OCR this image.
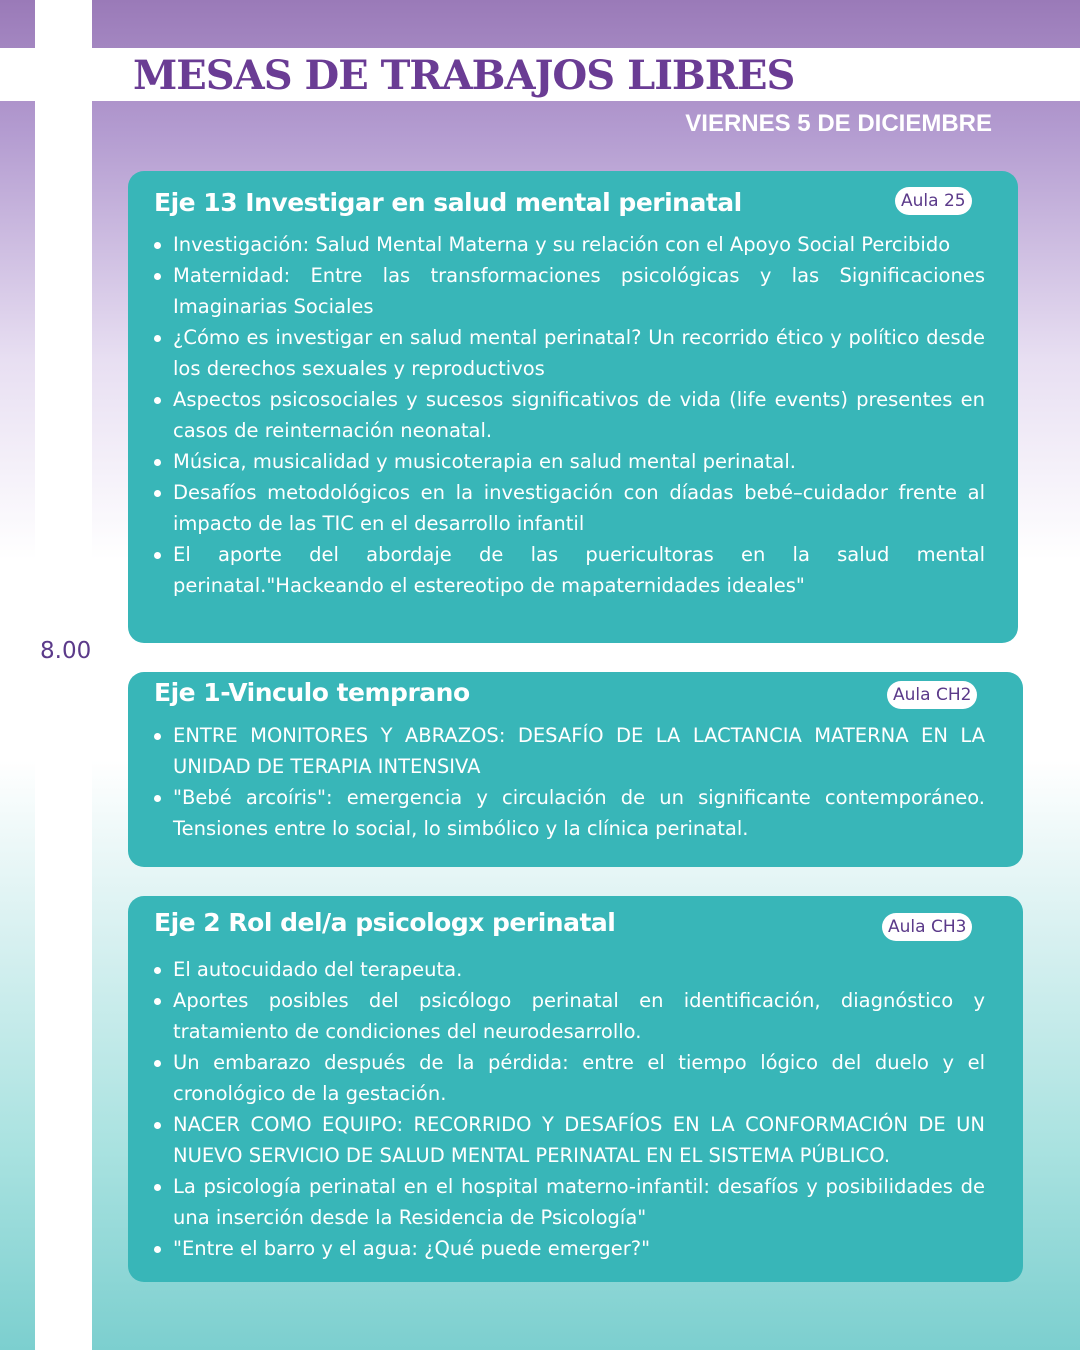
MESAS DE TRABAJOS LIBRES
VIERNES 5 DE DICIEMBRE
8.00
Eje 13 Investigar en salud mental perinatal	Aula 25
Investigación: Salud Mental Materna y su relación con el Apoyo Social Percibido
Maternidad: Entre las transformaciones psicológicas y las Significaciones Imaginarias Sociales
¿Cómo es investigar en salud mental perinatal? Un recorrido ético y político desde los derechos sexuales y reproductivos
Aspectos psicosociales y sucesos significativos de vida (life events) presentes en casos de reinternación neonatal.
Música, musicalidad y musicoterapia en salud mental perinatal.
Desafíos metodológicos en la investigación con díadas bebé–cuidador frente al impacto de las TIC en el desarrollo infantil
El aporte del abordaje de las puericultoras en la salud mental perinatal."Hackeando el estereotipo de mapaternidades ideales"
Eje 1-Vinculo temprano	Aula CH2
ENTRE MONITORES Y ABRAZOS: DESAFÍO DE LA LACTANCIA MATERNA EN LA UNIDAD DE TERAPIA INTENSIVA
"Bebé arcoíris": emergencia y circulación de un significante contemporáneo. Tensiones entre lo social, lo simbólico y la clínica perinatal.
Eje 2 Rol del/a psicologx perinatal	Aula CH3
El autocuidado del terapeuta.
Aportes posibles del psicólogo perinatal en identificación, diagnóstico y tratamiento de condiciones del neurodesarrollo.
Un embarazo después de la pérdida: entre el tiempo lógico del duelo y el cronológico de la gestación.
NACER COMO EQUIPO: RECORRIDO Y DESAFÍOS EN LA CONFORMACIÓN DE UN NUEVO SERVICIO DE SALUD MENTAL PERINATAL EN EL SISTEMA PÚBLICO.
La psicología perinatal en el hospital materno-infantil: desafíos y posibilidades de una inserción desde la Residencia de Psicología"
"Entre el barro y el agua: ¿Qué puede emerger?"
